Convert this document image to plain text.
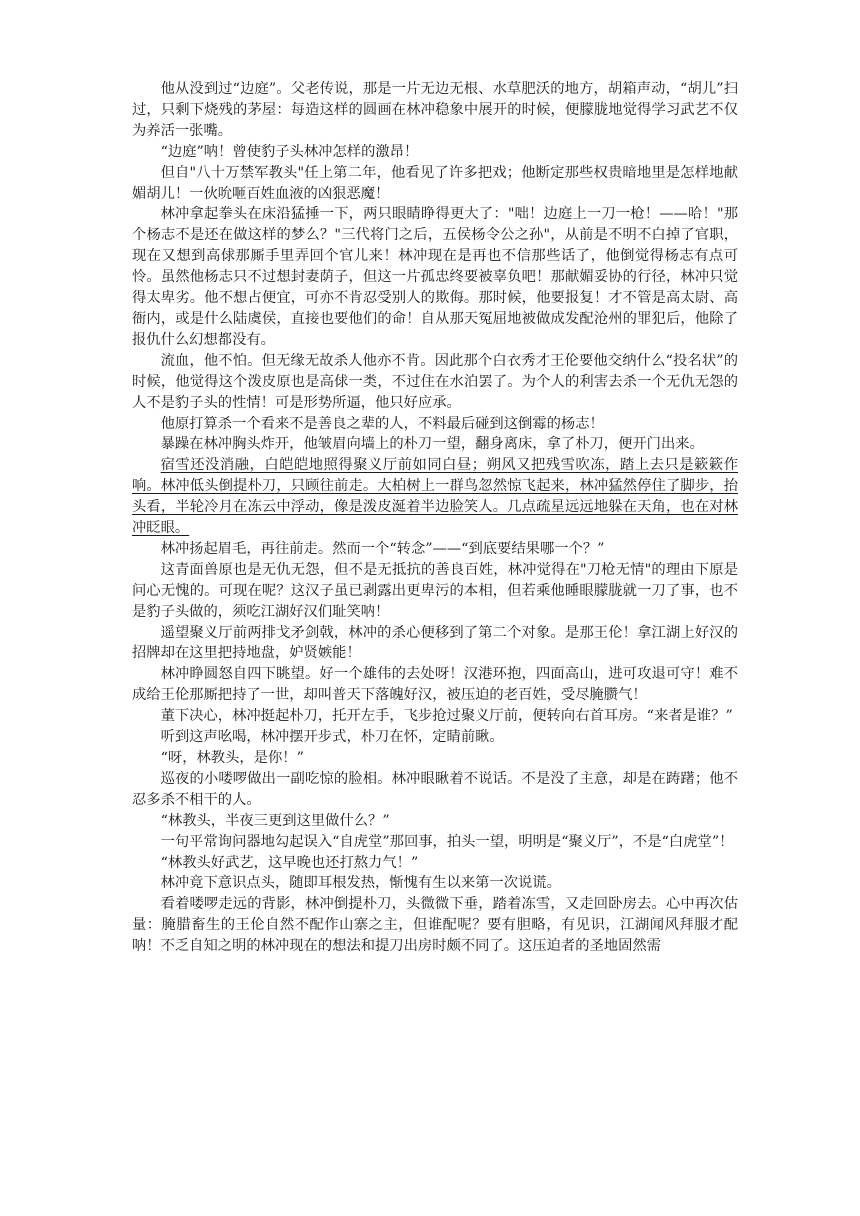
他从没到过“边庭”。父老传说，那是一片无边无根、水草肥沃的地方，胡箱声动，“胡儿”扫过，只剩下烧残的茅屋：每造这样的圆画在林冲稳象中展开的时候，便朦胧地觉得学习武艺不仅为养活一张嘴。

“边庭”呐！曾使豹子头林冲怎样的激昂！

但自"八十万禁军教头"任上第二年，他看见了许多把戏；他断定那些权贵暗地里是怎样地献媚胡儿！一伙吮咂百姓血液的凶狠恶魔！

林冲拿起拳头在床沿猛捶一下，两只眼睛睁得更大了："咄！边庭上一刀一枪！——哈！"那个杨志不是还在做这样的梦么？"三代将门之后，五侯杨令公之孙"，从前是不明不白掉了官职，现在又想到高俅那厮手里弄回个官儿来！林冲现在是再也不信那些话了，他倒觉得杨志有点可怜。虽然他杨志只不过想封妻荫子，但这一片孤忠终要被辜负吧！那献媚妥协的行径，林冲只觉得太卑劣。他不想占便宜，可亦不肯忍受别人的欺侮。那时候，他要报复！才不管是高太尉、高衙内，或是什么陆虞侯，直接也要他们的命！自从那天冤屈地被做成发配沧州的罪犯后，他除了报仇什么幻想都没有。

流血，他不怕。但无缘无故杀人他亦不肯。因此那个白衣秀才王伦要他交纳什么“投名状”的时候，他觉得这个泼皮原也是高俅一类，不过住在水泊罢了。为个人的利害去杀一个无仇无怨的人不是豹子头的性情！可是形势所逼，他只好应承。

他原打算杀一个看来不是善良之辈的人，不料最后碰到这倒霉的杨志！

暴躁在林冲胸头炸开，他皱眉向墙上的朴刀一望，翻身离床，拿了朴刀，便开门出来。

宿雪还没消融，白皑皑地照得聚义厅前如同白昼；朔风又把残雪吹冻，踏上去只是簌簌作响。林冲低头倒提朴刀，只顾往前走。大柏树上一群鸟忽然惊飞起来，林冲猛然停住了脚步，抬头看，半轮冷月在冻云中浮动，像是泼皮涎着半边脸笑人。几点疏星远远地躲在天角，也在对林冲眨眼。

林冲扬起眉毛，再往前走。然而一个“转念”——“到底要结果哪一个？”

这青面兽原也是无仇无怨，但不是无抵抗的善良百姓，林冲觉得在"刀枪无情"的理由下原是问心无愧的。可现在呢？这汉子虽已剥露出更卑污的本相，但若乘他睡眼朦胧就一刀了事，也不是豹子头做的，须吃江湖好汉们耻笑呐！

遥望聚义厅前两排戈矛剑戟，林冲的杀心便移到了第二个对象。是那王伦！拿江湖上好汉的招牌却在这里把持地盘，妒贤嫉能！

林冲睁圆怒自四下眺望。好一个雄伟的去处呀！汉港环抱，四面高山，进可攻退可守！难不成给王伦那厮把持了一世，却叫普天下落魄好汉，被压迫的老百姓，受尽腌臜气！

董下决心，林冲挺起朴刀，托开左手，飞步抢过聚义厅前，便转向右首耳房。“来者是谁？”

听到这声吆喝，林冲摆开步式，朴刀在怀，定睛前瞅。

“呀，林教头，是你！”

巡夜的小喽啰做出一副吃惊的脸相。林冲眼瞅着不说话。不是没了主意，却是在踌躇；他不忍多杀不相干的人。

“林教头，半夜三更到这里做什么？”

一句平常询问器地勾起误入“自虎堂”那回事，拍头一望，明明是“聚义厅”，不是“白虎堂”！

“林教头好武艺，这早晚也还打熬力气！”

林冲竟下意识点头，随即耳根发热，惭愧有生以来第一次说谎。

看着喽啰走远的背影，林冲倒提朴刀，头微微下垂，踏着冻雪，又走回卧房去。心中再次估量：腌腊畜生的王伦自然不配作山寨之主，但谁配呢？要有胆略，有见识，江湖闻风拜服才配呐！不乏自知之明的林冲现在的想法和提刀出房时颇不同了。这压迫者的圣地固然需
